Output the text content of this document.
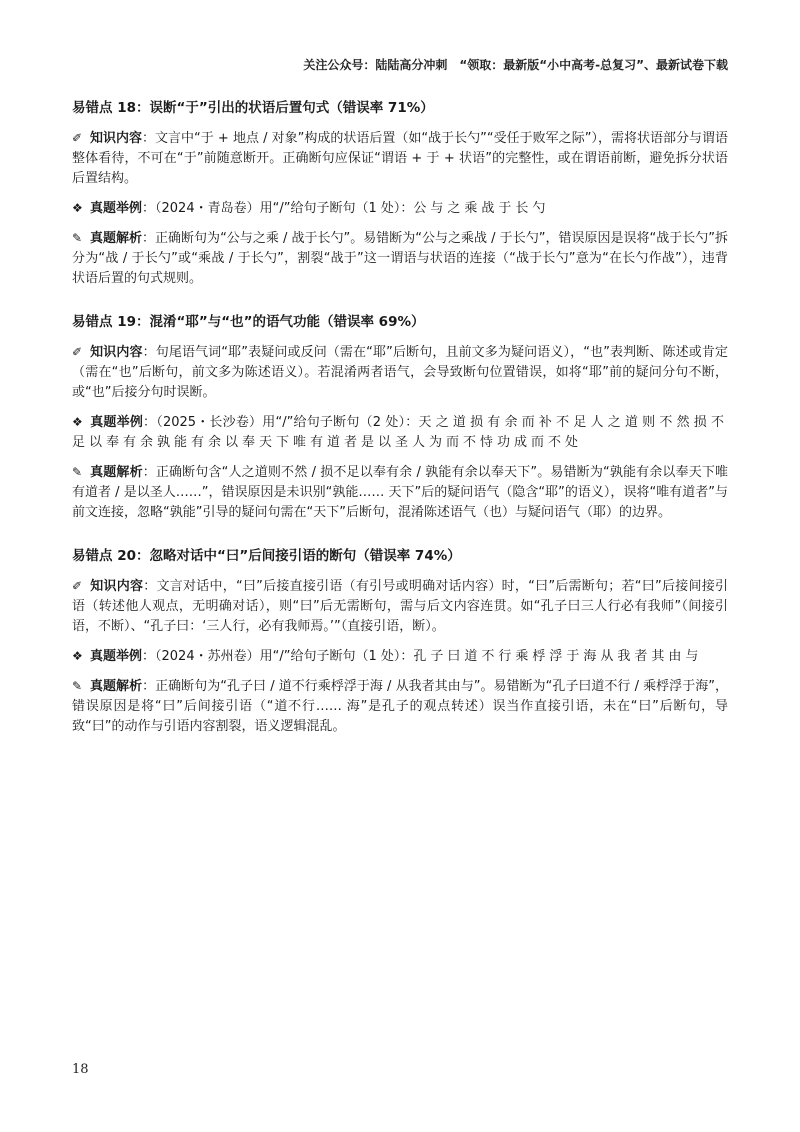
关注公众号：陆陆高分冲刺　“领取：最新版“小中高考-总复习”、最新试卷下载
易错点 18：误断“于”引出的状语后置句式（错误率 71%）
✐ 知识内容：文言中“于 + 地点 / 对象”构成的状语后置（如“战于长勺”“受任于败军之际”），需将状语部分与谓语整体看待，不可在“于”前随意断开。正确断句应保证“谓语 + 于 + 状语”的完整性，或在谓语前断，避免拆分状语后置结构。
❖ 真题举例：（2024・青岛卷）用“/”给句子断句（1 处）：公与之乘战于长勺
✎ 真题解析：正确断句为“公与之乘 / 战于长勺”。易错断为“公与之乘战 / 于长勺”，错误原因是误将“战于长勺”拆分为“战 / 于长勺”或“乘战 / 于长勺”，割裂“战于”这一谓语与状语的连接（“战于长勺”意为“在长勺作战”），违背状语后置的句式规则。
易错点 19：混淆“耶”与“也”的语气功能（错误率 69%）
✐ 知识内容：句尾语气词“耶”表疑问或反问（需在“耶”后断句，且前文多为疑问语义），“也”表判断、陈述或肯定（需在“也”后断句，前文多为陈述语义）。若混淆两者语气，会导致断句位置错误，如将“耶”前的疑问分句不断，或“也”后接分句时误断。
❖ 真题举例：（2025・长沙卷）用“/”给句子断句（2 处）：天之道损有余而补不足人之道则不然损不足以奉有余孰能有余以奉天下唯有道者是以圣人为而不恃功成而不处
✎ 真题解析：正确断句含“人之道则不然 / 损不足以奉有余 / 孰能有余以奉天下”。易错断为“孰能有余以奉天下唯有道者 / 是以圣人……”，错误原因是未识别“孰能…… 天下”后的疑问语气（隐含“耶”的语义），误将“唯有道者”与前文连接，忽略“孰能”引导的疑问句需在“天下”后断句，混淆陈述语气（也）与疑问语气（耶）的边界。
易错点 20：忽略对话中“曰”后间接引语的断句（错误率 74%）
✐ 知识内容：文言对话中，“曰”后接直接引语（有引号或明确对话内容）时，“曰”后需断句；若“曰”后接间接引语（转述他人观点，无明确对话），则“曰”后无需断句，需与后文内容连贯。如“孔子曰三人行必有我师”（间接引语，不断）、“孔子曰：‘三人行，必有我师焉。’”（直接引语，断）。
❖ 真题举例：（2024・苏州卷）用“/”给句子断句（1 处）：孔子曰道不行乘桴浮于海从我者其由与
✎ 真题解析：正确断句为“孔子曰 / 道不行乘桴浮于海 / 从我者其由与”。易错断为“孔子曰道不行 / 乘桴浮于海”，错误原因是将“曰”后间接引语（“道不行…… 海”是孔子的观点转述）误当作直接引语，未在“曰”后断句，导致“曰”的动作与引语内容割裂，语义逻辑混乱。
18
